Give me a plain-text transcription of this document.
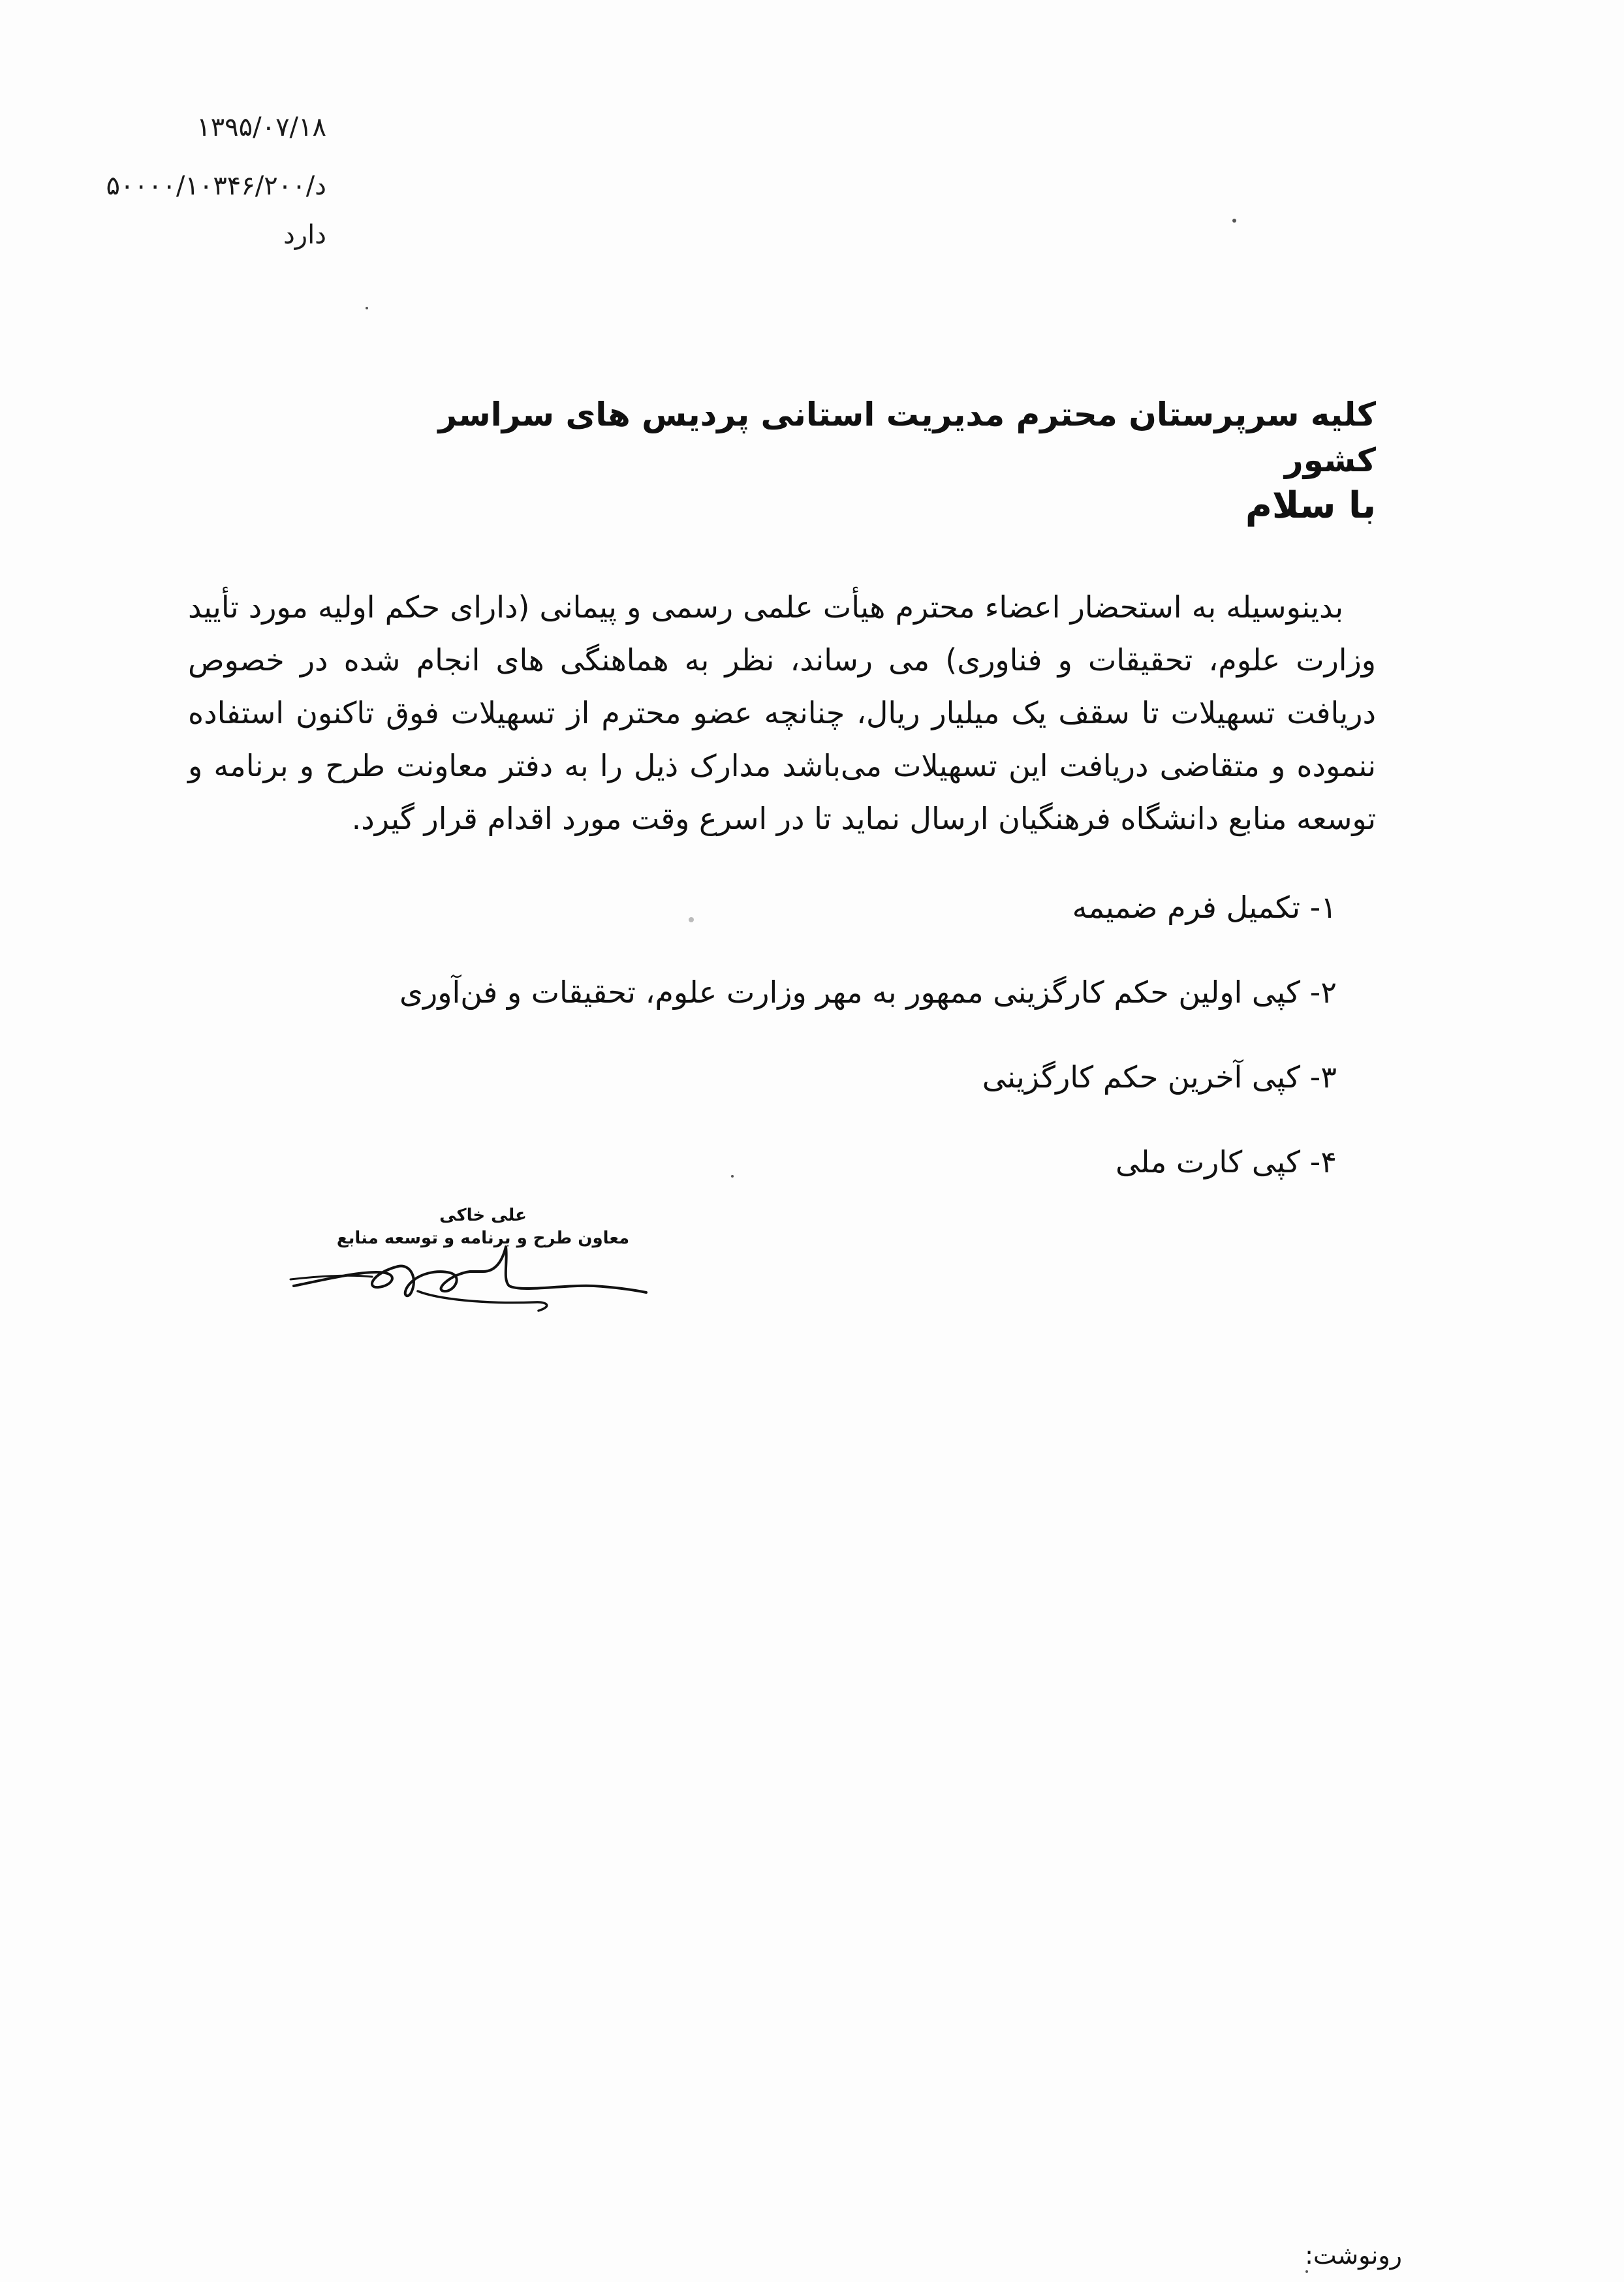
۱۳۹۵/۰۷/۱۸
د/۵۰۰۰۰/۱۰۳۴۶/۲۰۰
دارد
کلیه سرپرستان محترم مدیریت استانی پردیس های سراسر کشور
با سلام
بدینوسیله به استحضار اعضاء محترم هیأت علمی رسمی و پیمانی (دارای حکم اولیه مورد تأیید وزارت علوم، تحقیقات و فناوری) می رساند، نظر به هماهنگی های انجام شده در خصوص دریافت تسهیلات تا سقف یک میلیار ریال، چنانچه عضو محترم از تسهیلات فوق تاکنون استفاده ننموده و متقاضی دریافت این تسهیلات می‌باشد مدارک ذیل را به دفتر معاونت طرح و برنامه و توسعه منابع دانشگاه فرهنگیان ارسال نماید تا در اسرع وقت مورد اقدام قرار گیرد.
۱- تکمیل فرم ضمیمه
۲- کپی اولین حکم کارگزینی ممهور به مهر وزارت علوم، تحقیقات و فن‌آوری
۳- کپی آخرین حکم کارگزینی
۴- کپی کارت ملی
علی خاکی
معاون طرح و برنامه و توسعه منابع
رونوشت:
